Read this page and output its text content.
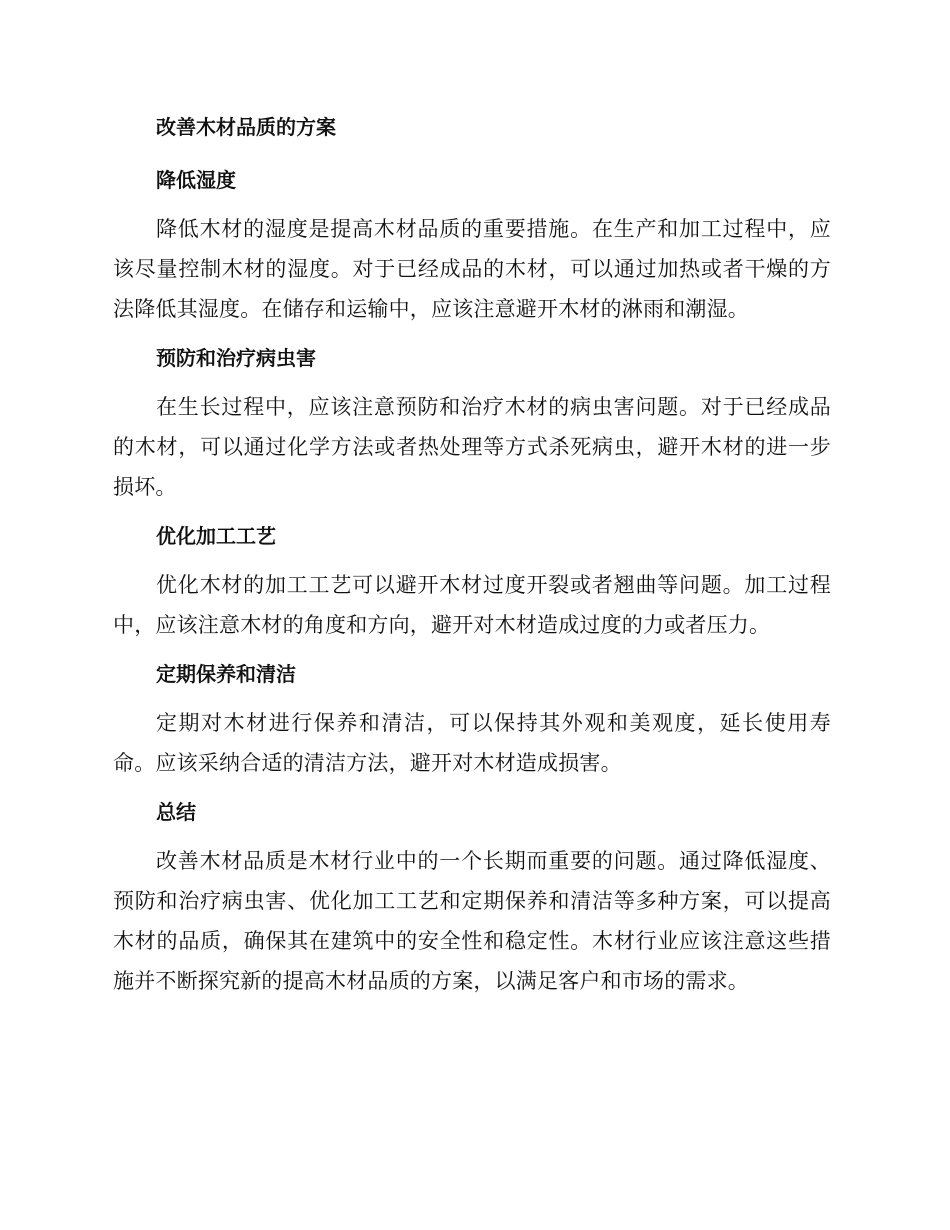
改善木材品质的方案
降低湿度

降低木材的湿度是提高木材品质的重要措施。在生产和加工过程中，应该尽量控制木材的湿度。对于已经成品的木材，可以通过加热或者干燥的方法降低其湿度。在储存和运输中，应该注意避开木材的淋雨和潮湿。

预防和治疗病虫害

在生长过程中，应该注意预防和治疗木材的病虫害问题。对于已经成品的木材，可以通过化学方法或者热处理等方式杀死病虫，避开木材的进一步损坏。

优化加工工艺

优化木材的加工工艺可以避开木材过度开裂或者翘曲等问题。加工过程中，应该注意木材的角度和方向，避开对木材造成过度的力或者压力。

定期保养和清洁

定期对木材进行保养和清洁，可以保持其外观和美观度，延长使用寿命。应该采纳合适的清洁方法，避开对木材造成损害。

总结

改善木材品质是木材行业中的一个长期而重要的问题。通过降低湿度、预防和治疗病虫害、优化加工工艺和定期保养和清洁等多种方案，可以提高木材的品质，确保其在建筑中的安全性和稳定性。木材行业应该注意这些措施并不断探究新的提高木材品质的方案，以满足客户和市场的需求。
